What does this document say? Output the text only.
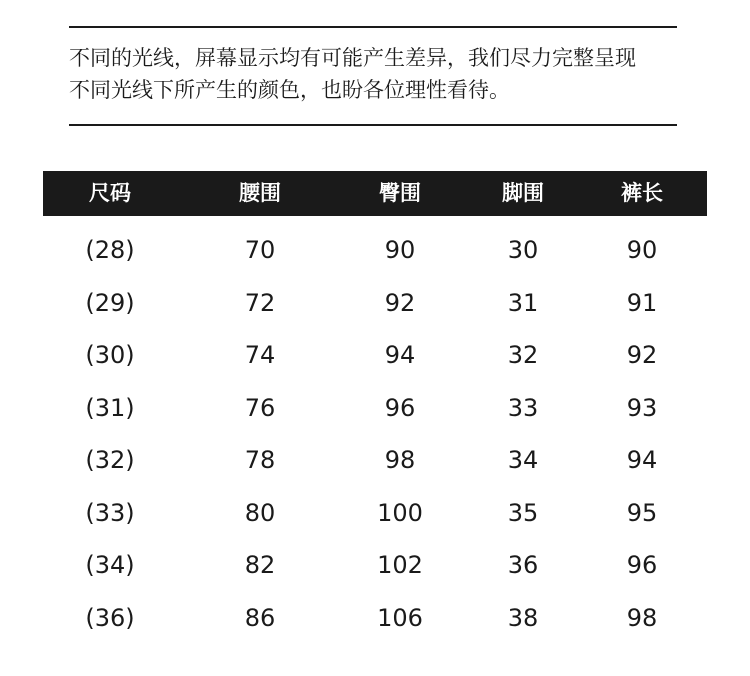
不同的光线，屏幕显示均有可能产生差异，我们尽力完整呈现
不同光线下所产生的颜色，也盼各位理性看待。
尺码	腰围	臀围	脚围	裤长
(28)	70	90	30	90
(29)	72	92	31	91
(30)	74	94	32	92
(31)	76	96	33	93
(32)	78	98	34	94
(33)	80	100	35	95
(34)	82	102	36	96
(36)	86	106	38	98
